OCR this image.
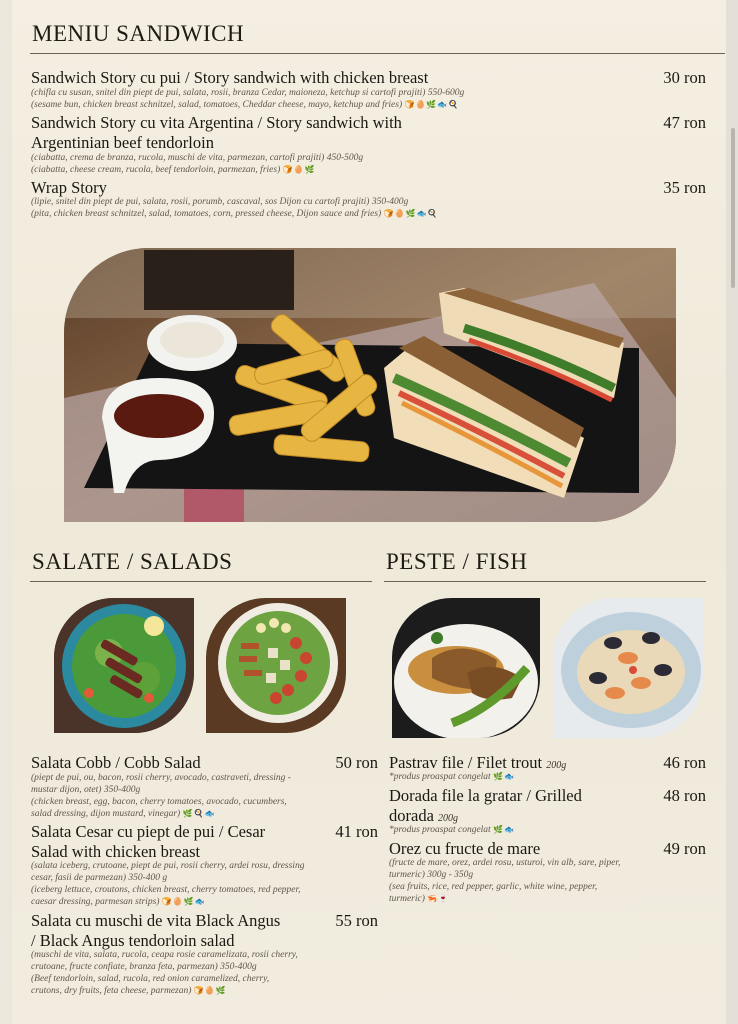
MENIU SANDWICH
Sandwich Story cu pui / Story sandwich with chicken breast	30 ron
(chifla cu susan, snitel din piept de pui, salata, rosii, branza Cedar, maioneza, ketchup si cartofi prajiti) 550-600g
(sesame bun, chicken breast schnitzel, salad, tomatoes, Cheddar cheese, mayo, ketchup and fries) 🍞🥚🌿🐟🍳
Sandwich Story cu vita Argentina / Story sandwich with
Argentinian beef tendorloin
47 ron
(ciabatta, crema de branza, rucola, muschi de vita, parmezan, cartofi prajiti) 450-500g
(ciabatta, cheese cream, rucola, beef tendorloin, parmezan, fries) 🍞🥚🌿
Wrap Story	35 ron
(lipie, snitel din piept de pui, salata, rosii, porumb, cascaval, sos Dijon cu cartofi prajiti) 350-400g
(pita, chicken breast schnitzel, salad, tomatoes, corn, pressed cheese, Dijon sauce and fries) 🍞🥚🌿🐟🍳
SALATE / SALADS	PESTE / FISH
Salata Cobb / Cobb Salad	50 ron
(piept de pui, ou, bacon, rosii cherry, avocado, castraveti, dressing -
mustar dijon, otet) 350-400g
(chicken breast, egg, bacon, cherry tomatoes, avocado, cucumbers,
salad dressing, dijon mustard, vinegar) 🌿🍳🐟
Salata Cesar cu piept de pui / Cesar
Salad with chicken breast
41 ron
(salata iceberg, crutoane, piept de pui, rosii cherry, ardei rosu, dressing
cesar, fasii de parmezan) 350-400 g
(iceberg lettuce, croutons, chicken breast, cherry tomatoes, red pepper,
caesar dressing, parmesan strips) 🍞🥚🌿🐟
Salata cu muschi de vita Black Angus
/ Black Angus tendorloin salad
55 ron
(muschi de vita, salata, rucola, ceapa rosie caramelizata, rosii cherry,
crutoane, fructe confiate, branza feta, parmezan) 350-400g
(Beef tendorloin, salad, rucola, red onion caramelized, cherry,
crutons, dry fruits, feta cheese, parmezan) 🍞🥚🌿
Pastrav file / Filet trout 200g	46 ron
*produs proaspat congelat 🌿🐟
Dorada file la gratar / Grilled
dorada 200g
48 ron
*produs proaspat congelat 🌿🐟
Orez cu fructe de mare	49 ron
(fructe de mare, orez, ardei rosu, usturoi, vin alb, sare, piper,
turmeric) 300g - 350g
(sea fruits, rice, red pepper, garlic, white wine, pepper,
turmeric) 🦐🍷
